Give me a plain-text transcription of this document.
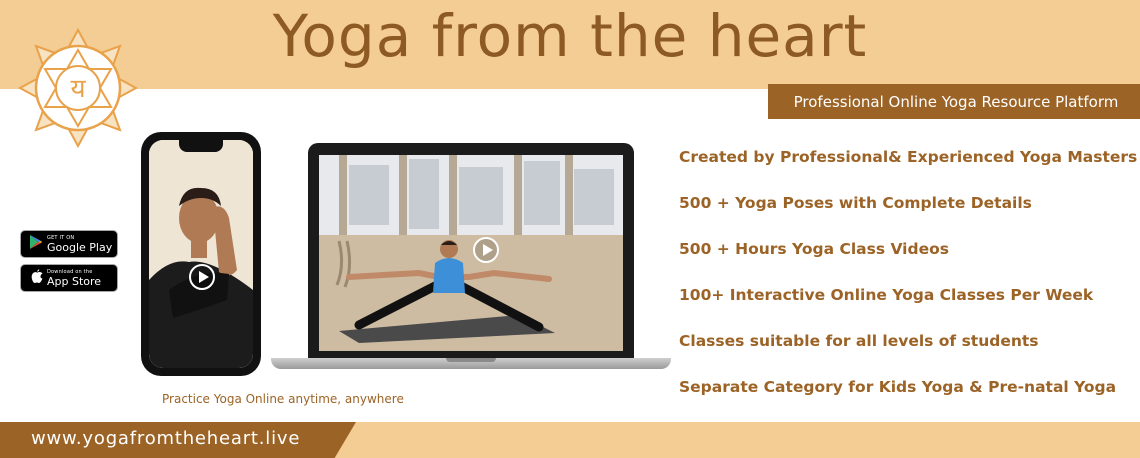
Yoga from the heart
य	Professional Online Yoga Resource Platform
GET IT ON
Google Play
Download on the
App Store
Practice Yoga Online anytime, anywhere
Created by Professional& Experienced Yoga Masters
500 + Yoga Poses with Complete Details
500 + Hours Yoga Class Videos
100+ Interactive Online Yoga Classes Per Week
Classes suitable for all levels of students
Separate Category for Kids Yoga & Pre-natal Yoga
www.yogafromtheheart.live
